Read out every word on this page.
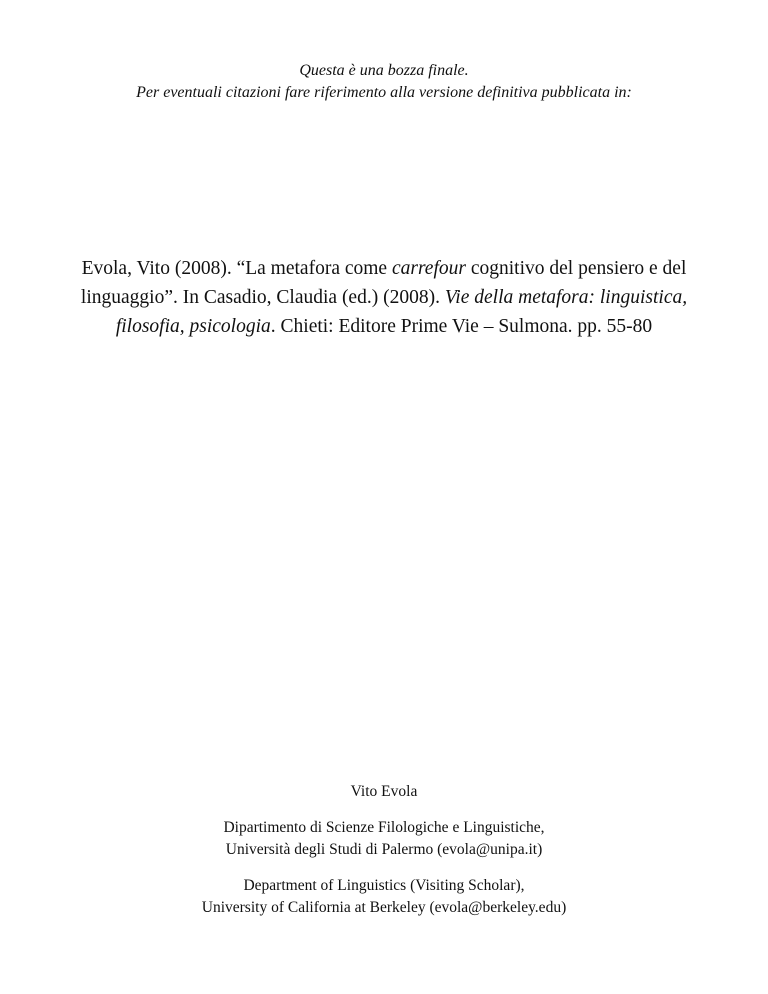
Questa è una bozza finale.
Per eventuali citazioni fare riferimento alla versione definitiva pubblicata in:
Evola, Vito (2008). “La metafora come carrefour cognitivo del pensiero e del
linguaggio”. In Casadio, Claudia (ed.) (2008). Vie della metafora: linguistica,
filosofia, psicologia. Chieti: Editore Prime Vie – Sulmona. pp. 55-80
Vito Evola
Dipartimento di Scienze Filologiche e Linguistiche,
Università degli Studi di Palermo (evola@unipa.it)
Department of Linguistics (Visiting Scholar),
University of California at Berkeley (evola@berkeley.edu)
